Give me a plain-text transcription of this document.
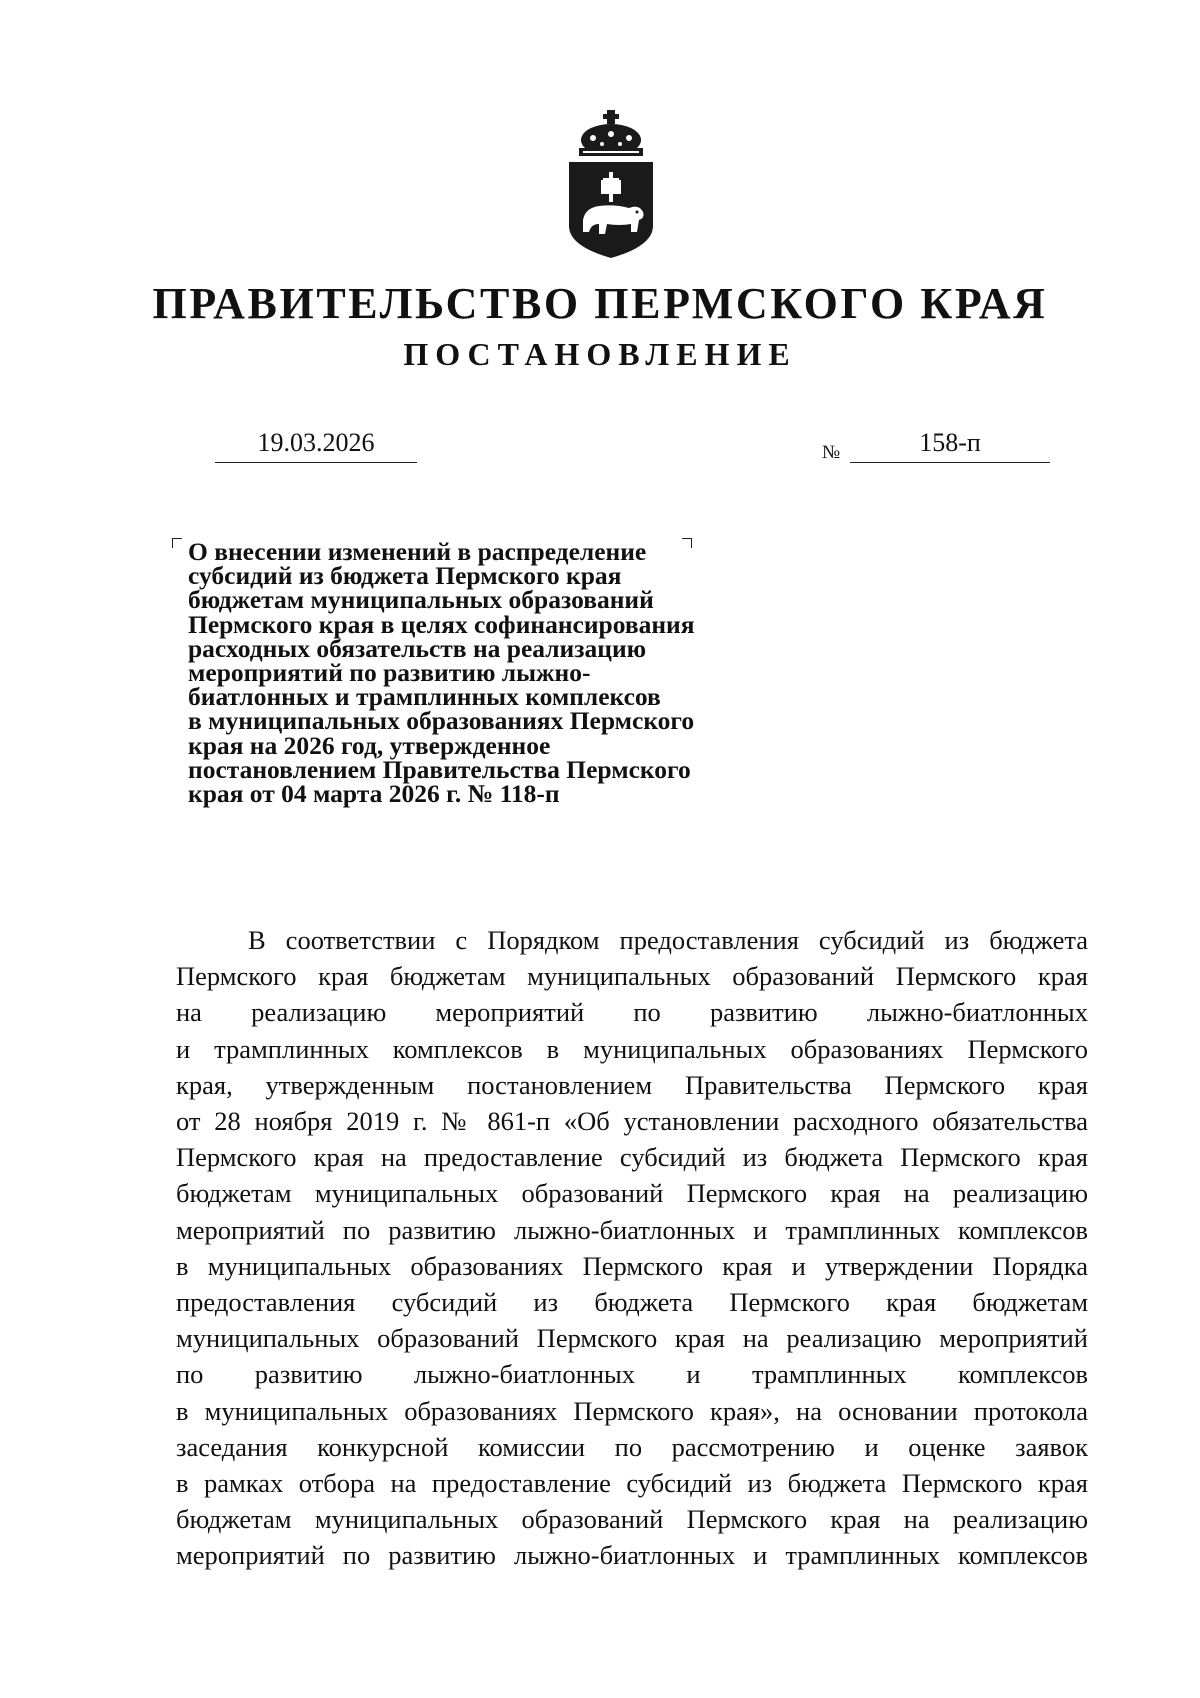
ПРАВИТЕЛЬСТВО ПЕРМСКОГО КРАЯ
ПОСТАНОВЛЕНИЕ
19.03.2026	№	158-п
О внесении изменений в распределение
субсидий из бюджета Пермского края
бюджетам муниципальных образований
Пермского края в целях софинансирования
расходных обязательств на реализацию
мероприятий по развитию лыжно-
биатлонных и трамплинных комплексов
в муниципальных образованиях Пермского
края на 2026 год, утвержденное
постановлением Правительства Пермского
края от 04 марта 2026 г. № 118-п
В соответствии с Порядком предоставления субсидий из бюджета
Пермского края бюджетам муниципальных образований Пермского края
на реализацию мероприятий по развитию лыжно-биатлонных
и трамплинных комплексов в муниципальных образованиях Пермского
края, утвержденным постановлением Правительства Пермского края
от 28 ноября 2019 г. № 861-п «Об установлении расходного обязательства
Пермского края на предоставление субсидий из бюджета Пермского края
бюджетам муниципальных образований Пермского края на реализацию
мероприятий по развитию лыжно-биатлонных и трамплинных комплексов
в муниципальных образованиях Пермского края и утверждении Порядка
предоставления субсидий из бюджета Пермского края бюджетам
муниципальных образований Пермского края на реализацию мероприятий
по развитию лыжно-биатлонных и трамплинных комплексов
в муниципальных образованиях Пермского края», на основании протокола
заседания конкурсной комиссии по рассмотрению и оценке заявок
в рамках отбора на предоставление субсидий из бюджета Пермского края
бюджетам муниципальных образований Пермского края на реализацию
мероприятий по развитию лыжно-биатлонных и трамплинных комплексов
